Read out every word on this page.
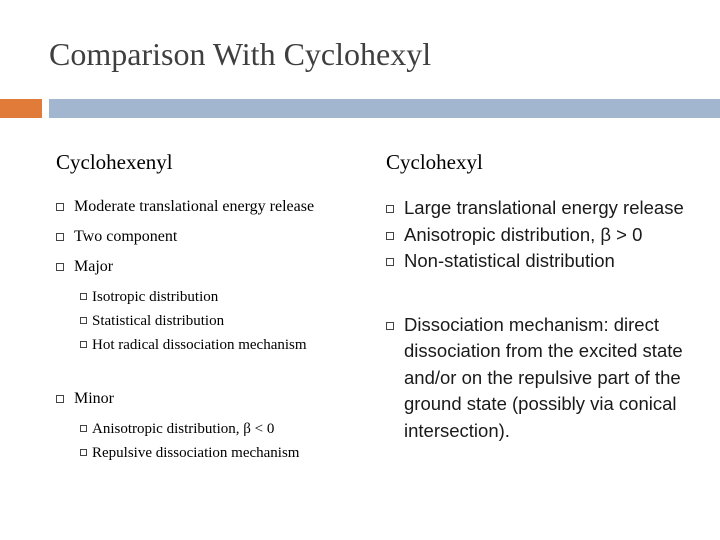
Comparison With Cyclohexyl
Cyclohexenyl
Moderate translational energy release
Two component
Major
Isotropic distribution
Statistical distribution
Hot radical dissociation mechanism
Minor
Anisotropic distribution, β < 0
Repulsive dissociation mechanism
Cyclohexyl
Large translational energy release
Anisotropic distribution, β > 0
Non-statistical distribution
Dissociation mechanism: direct dissociation from the excited state and/or on the repulsive part of the ground state (possibly via conical intersection).
